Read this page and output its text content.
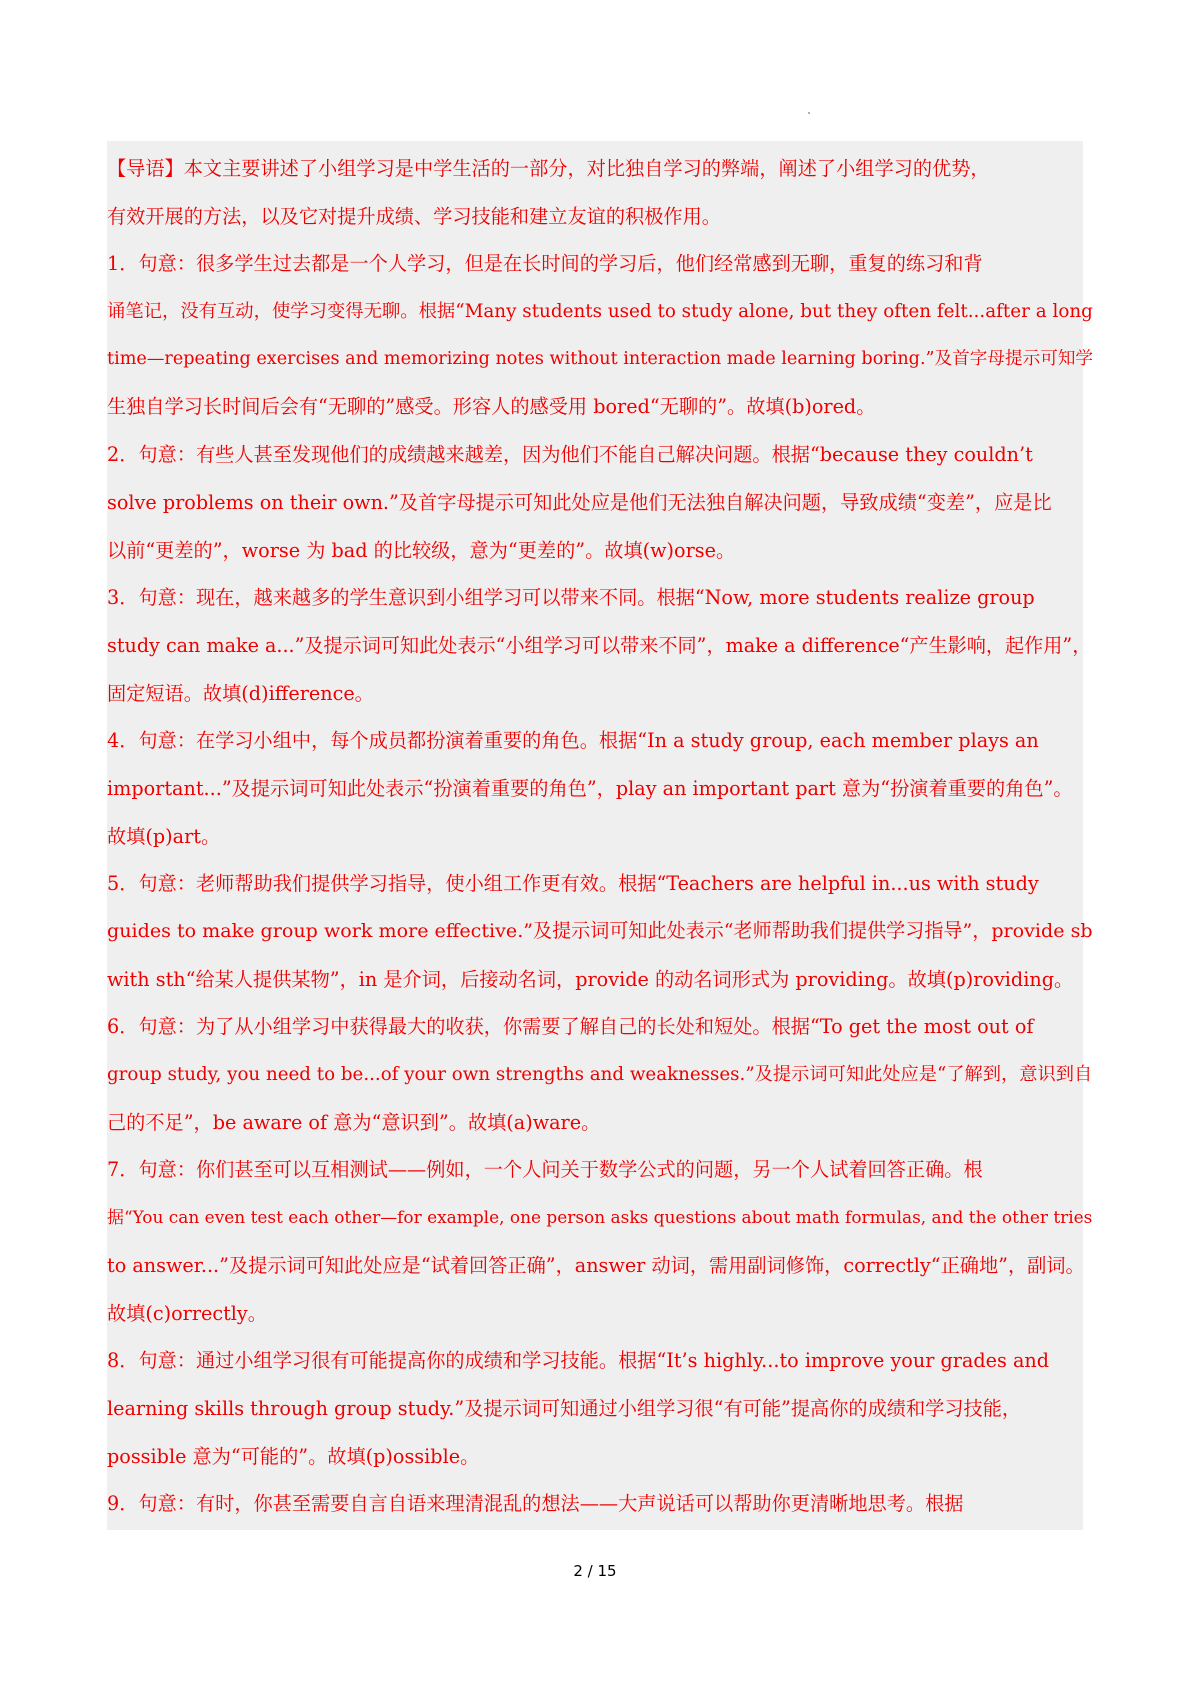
【导语】本文主要讲述了小组学习是中学生活的一部分，对比独自学习的弊端，阐述了小组学习的优势，
有效开展的方法，以及它对提升成绩、学习技能和建立友谊的积极作用。
1．句意：很多学生过去都是一个人学习，但是在长时间的学习后，他们经常感到无聊，重复的练习和背
诵笔记，没有互动，使学习变得无聊。根据“Many students used to study alone, but they often felt...after a long
time—repeating exercises and memorizing notes without interaction made learning boring.”及首字母提示可知学
生独自学习长时间后会有“无聊的”感受。形容人的感受用 bored“无聊的”。故填(b)ored。
2．句意：有些人甚至发现他们的成绩越来越差，因为他们不能自己解决问题。根据“because they couldn’t
solve problems on their own.”及首字母提示可知此处应是他们无法独自解决问题，导致成绩“变差”，应是比
以前“更差的”，worse 为 bad 的比较级，意为“更差的”。故填(w)orse。
3．句意：现在，越来越多的学生意识到小组学习可以带来不同。根据“Now, more students realize group
study can make a...”及提示词可知此处表示“小组学习可以带来不同”，make a difference“产生影响，起作用”，
固定短语。故填(d)ifference。
4．句意：在学习小组中，每个成员都扮演着重要的角色。根据“In a study group, each member plays an
important...”及提示词可知此处表示“扮演着重要的角色”，play an important part 意为“扮演着重要的角色”。
故填(p)art。
5．句意：老师帮助我们提供学习指导，使小组工作更有效。根据“Teachers are helpful in...us with study
guides to make group work more effective.”及提示词可知此处表示“老师帮助我们提供学习指导”，provide sb
with sth“给某人提供某物”，in 是介词，后接动名词，provide 的动名词形式为 providing。故填(p)roviding。
6．句意：为了从小组学习中获得最大的收获，你需要了解自己的长处和短处。根据“To get the most out of
group study, you need to be...of your own strengths and weaknesses.”及提示词可知此处应是“了解到，意识到自
己的不足”，be aware of 意为“意识到”。故填(a)ware。
7．句意：你们甚至可以互相测试——例如，一个人问关于数学公式的问题，另一个人试着回答正确。根
据“You can even test each other—for example, one person asks questions about math formulas, and the other tries
to answer...”及提示词可知此处应是“试着回答正确”，answer 动词，需用副词修饰，correctly“正确地”，副词。
故填(c)orrectly。
8．句意：通过小组学习很有可能提高你的成绩和学习技能。根据“It’s highly...to improve your grades and
learning skills through group study.”及提示词可知通过小组学习很“有可能”提高你的成绩和学习技能，
possible 意为“可能的”。故填(p)ossible。
9．句意：有时，你甚至需要自言自语来理清混乱的想法——大声说话可以帮助你更清晰地思考。根据
2 / 15
